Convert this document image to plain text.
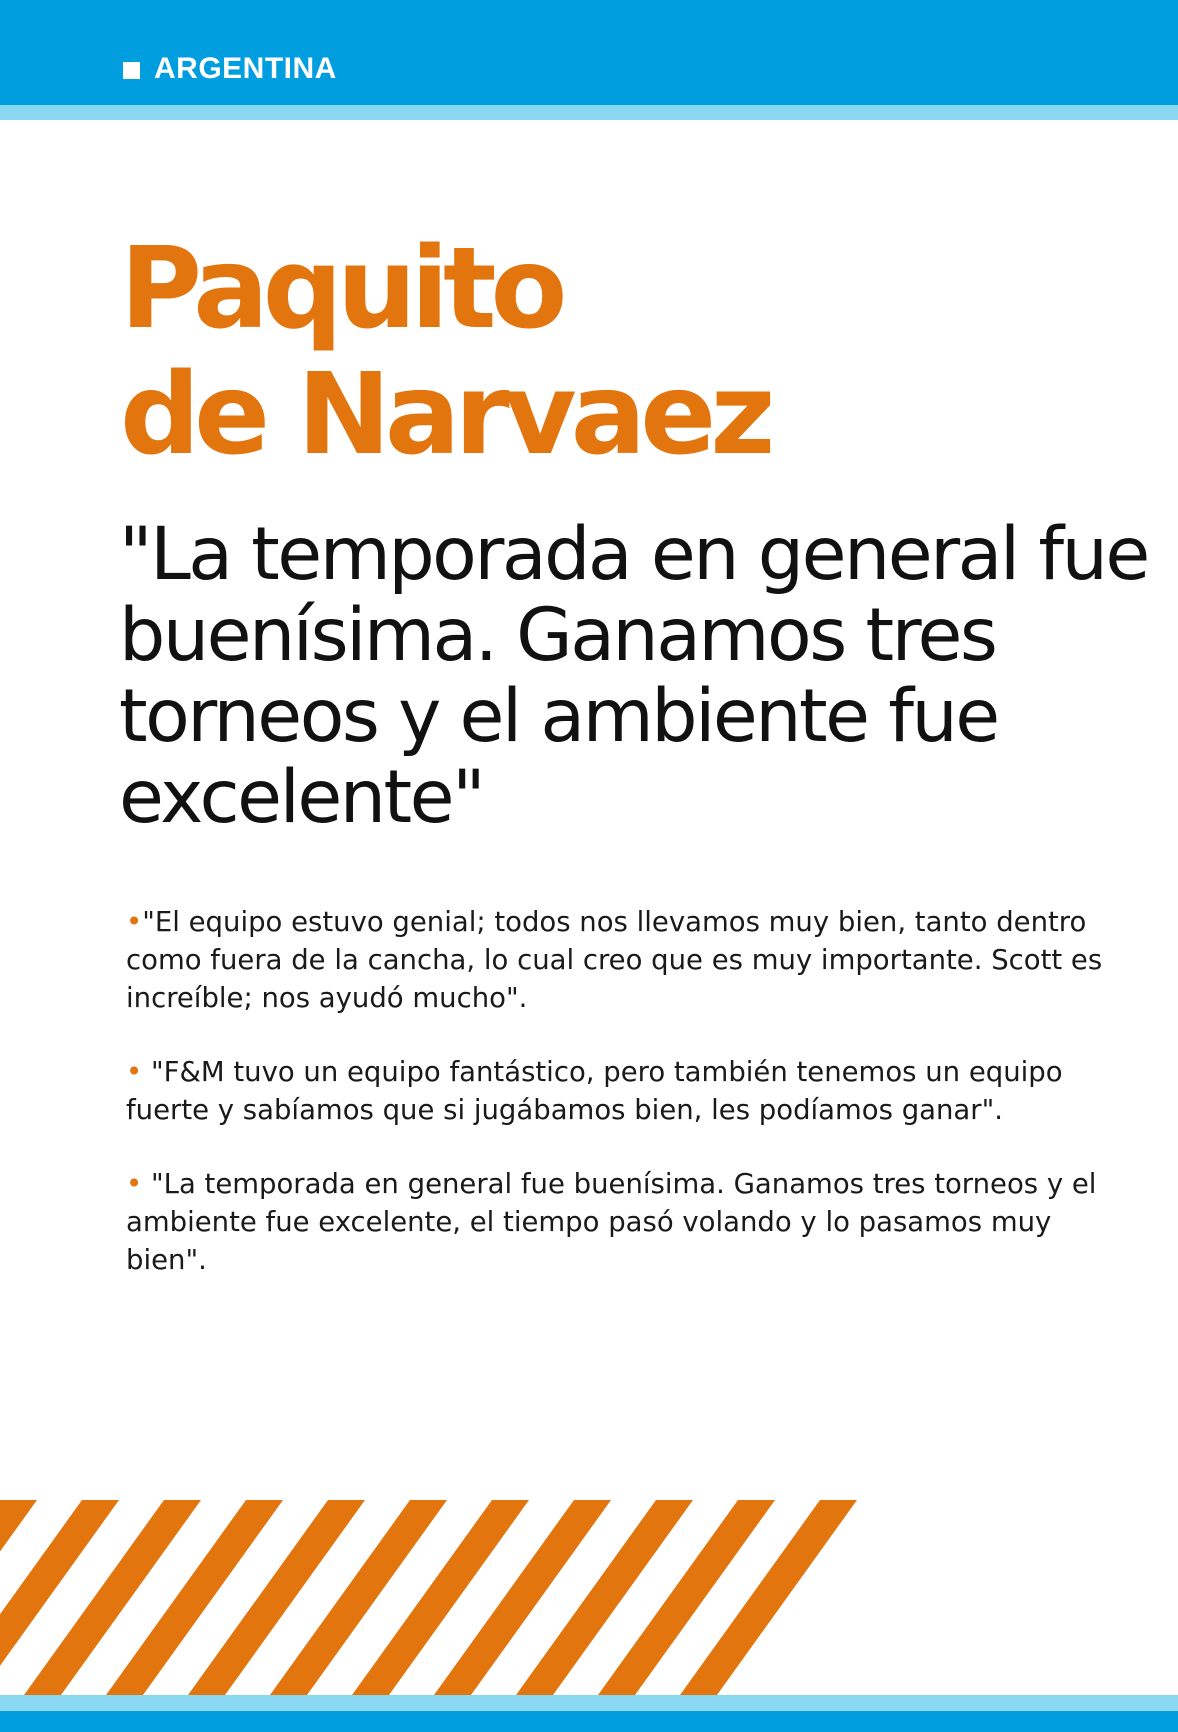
ARGENTINA
Paquito
de Narvaez

"La temporada en general fue buenísima. Ganamos tres torneos y el ambiente fue excelente"

•"El equipo estuvo genial; todos nos llevamos muy bien, tanto dentro como fuera de la cancha, lo cual creo que es muy importante. Scott es increíble; nos ayudó mucho".

• "F&M tuvo un equipo fantástico, pero también tenemos un equipo fuerte y sabíamos que si jugábamos bien, les podíamos ganar".

• "La temporada en general fue buenísima. Ganamos tres torneos y el ambiente fue excelente, el tiempo pasó volando y lo pasamos muy bien".
